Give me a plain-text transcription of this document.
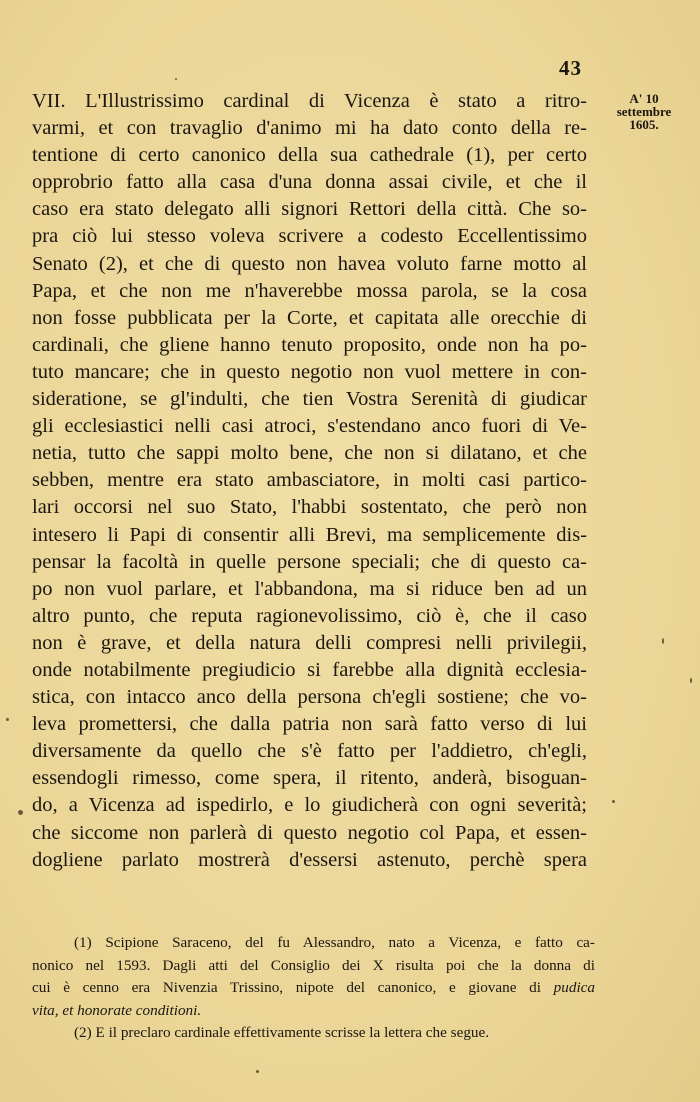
43
A' 10
settembre
1605.
VII. L'Illustrissimo cardinal di Vicenza è stato a ritro-
varmi, et con travaglio d'animo mi ha dato conto della re-
tentione di certo canonico della sua cathedrale (1), per certo
opprobrio fatto alla casa d'una donna assai civile, et che il
caso era stato delegato alli signori Rettori della città. Che so-
pra ciò lui stesso voleva scrivere a codesto Eccellentissimo
Senato (2), et che di questo non havea voluto farne motto al
Papa, et che non me n'haverebbe mossa parola, se la cosa
non fosse pubblicata per la Corte, et capitata alle orecchie di
cardinali, che gliene hanno tenuto proposito, onde non ha po-
tuto mancare; che in questo negotio non vuol mettere in con-
sideratione, se gl'indulti, che tien Vostra Serenità di giudicar
gli ecclesiastici nelli casi atroci, s'estendano anco fuori di Ve-
netia, tutto che sappi molto bene, che non si dilatano, et che
sebben, mentre era stato ambasciatore, in molti casi partico-
lari occorsi nel suo Stato, l'habbi sostentato, che però non
intesero li Papi di consentir alli Brevi, ma semplicemente dis-
pensar la facoltà in quelle persone speciali; che di questo ca-
po non vuol parlare, et l'abbandona, ma si riduce ben ad un
altro punto, che reputa ragionevolissimo, ciò è, che il caso
non è grave, et della natura delli compresi nelli privilegii,
onde notabilmente pregiudicio si farebbe alla dignità ecclesia-
stica, con intacco anco della persona ch'egli sostiene; che vo-
leva promettersi, che dalla patria non sarà fatto verso di lui
diversamente da quello che s'è fatto per l'addietro, ch'egli,
essendogli rimesso, come spera, il ritento, anderà, bisoguan-
do, a Vicenza ad ispedirlo, e lo giudicherà con ogni severità;
che siccome non parlerà di questo negotio col Papa, et essen-
dogliene parlato mostrerà d'essersi astenuto, perchè spera
(1) Scipione Saraceno, del fu Alessandro, nato a Vicenza, e fatto ca-
nonico nel 1593. Dagli atti del Consiglio dei X risulta poi che la donna di
cui è cenno era Nivenzia Trissino, nipote del canonico, e giovane di pudica
vita, et honorate conditioni.
(2) E il preclaro cardinale effettivamente scrisse la lettera che segue.
